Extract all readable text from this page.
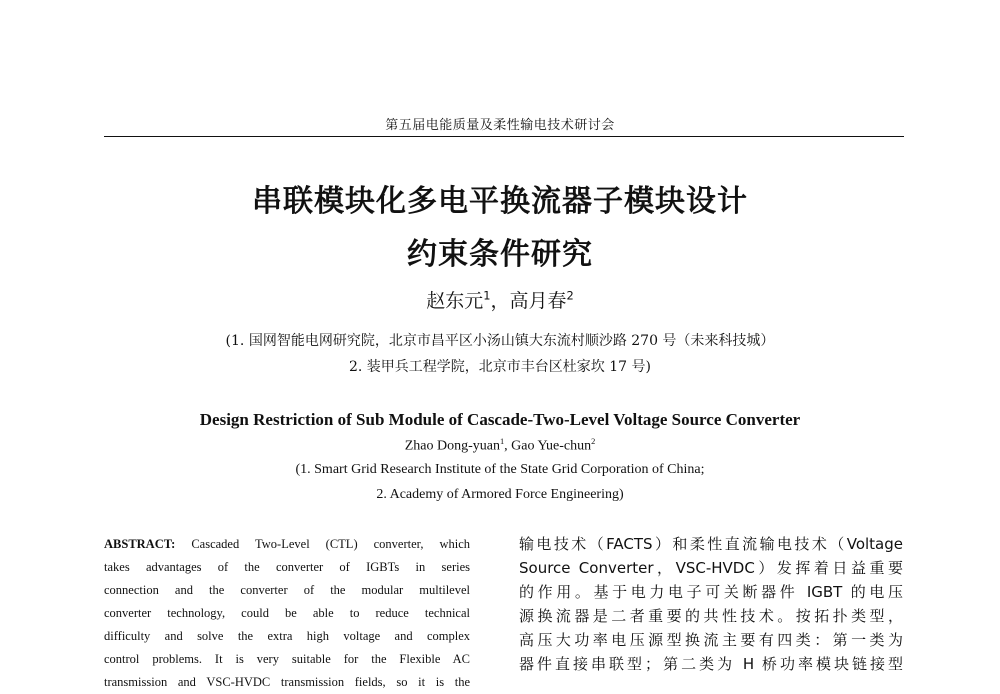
第五届电能质量及柔性输电技术研讨会
串联模块化多电平换流器子模块设计
约束条件研究
赵东元$^1$，高月春$^2$
(1. 国网智能电网研究院，北京市昌平区小汤山镇大东流村顺沙路 270 号（未来科技城）
2. 装甲兵工程学院，北京市丰台区杜家坎 17 号)
Design Restriction of Sub Module of Cascade-Two-Level Voltage Source Converter
Zhao Dong-yuan$^1$, Gao Yue-chun$^2$
(1. Smart Grid Research Institute of the State Grid Corporation of China;
2. Academy of Armored Force Engineering)
ABSTRACT: Cascaded Two-Level (CTL) converter, which
takes advantages of the converter of IGBTs in series
connection and the converter of the modular multilevel
converter technology, could be able to reduce technical
difficulty and solve the extra high voltage and complex
control problems. It is very suitable for the Flexible AC
transmission and VSC-HVDC transmission fields, so it is the
输电技术（FACTS）和柔性直流输电技术（Voltage
Source Converter，VSC-HVDC）发挥着日益重要
的作用。基于电力电子可关断器件 IGBT 的电压
源换流器是二者重要的共性技术。按拓扑类型，
高压大功率电压源型换流主要有四类：第一类为
器件直接串联型；第二类为 H 桥功率模块链接型
